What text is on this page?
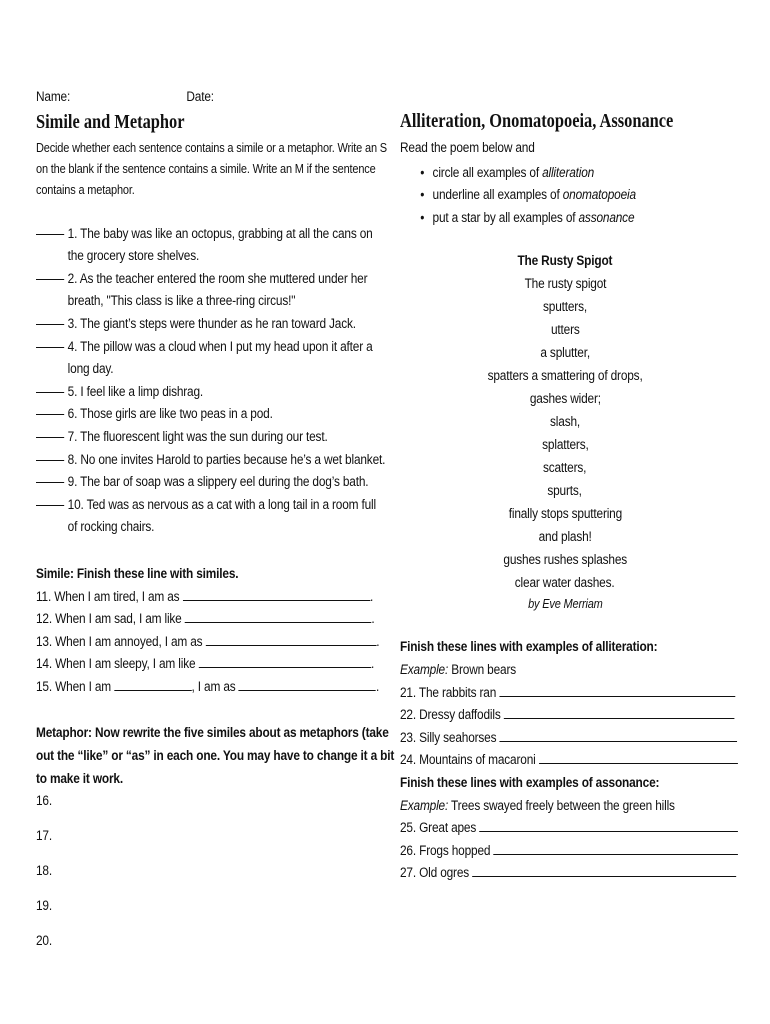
Name:	Date:
Simile and Metaphor
Decide whether each sentence contains a simile or a metaphor. Write an S
on the blank if the sentence contains a simile. Write an M if the sentence
contains a metaphor.
1. The baby was like an octopus, grabbing at all the cans on
the grocery store shelves.
2. As the teacher entered the room she muttered under her
breath, "This class is like a three-ring circus!"
3. The giant’s steps were thunder as he ran toward Jack.
4. The pillow was a cloud when I put my head upon it after a
long day.
5. I feel like a limp dishrag.
6. Those girls are like two peas in a pod.
7. The fluorescent light was the sun during our test.
8. No one invites Harold to parties because he’s a wet blanket.
9. The bar of soap was a slippery eel during the dog’s bath.
10. Ted was as nervous as a cat with a long tail in a room full
of rocking chairs.
Simile: Finish these line with similes.
11. When I am tired, I am as	.
12. When I am sad, I am like	.
13. When I am annoyed, I am as	.
14. When I am sleepy, I am like	.
15. When I am	, I am as	.
Metaphor: Now rewrite the five similes about as metaphors (take
out the “like” or “as” in each one. You may have to change it a bit
to make it work.
16.
17.
18.
19.
20.
Alliteration, Onomatopoeia, Assonance
Read the poem below and
• circle all examples of alliteration
• underline all examples of onomatopoeia
• put a star by all examples of assonance
The Rusty Spigot
The rusty spigot
sputters,
utters
a splutter,
spatters a smattering of drops,
gashes wider;
slash,
splatters,
scatters,
spurts,
finally stops sputtering
and plash!
gushes rushes splashes
clear water dashes.
by Eve Merriam
Finish these lines with examples of alliteration:
Example: Brown bears
21. The rabbits ran
22. Dressy daffodils
23. Silly seahorses
24. Mountains of macaroni
Finish these lines with examples of assonance:
Example: Trees swayed freely between the green hills
25. Great apes
26. Frogs hopped
27. Old ogres
